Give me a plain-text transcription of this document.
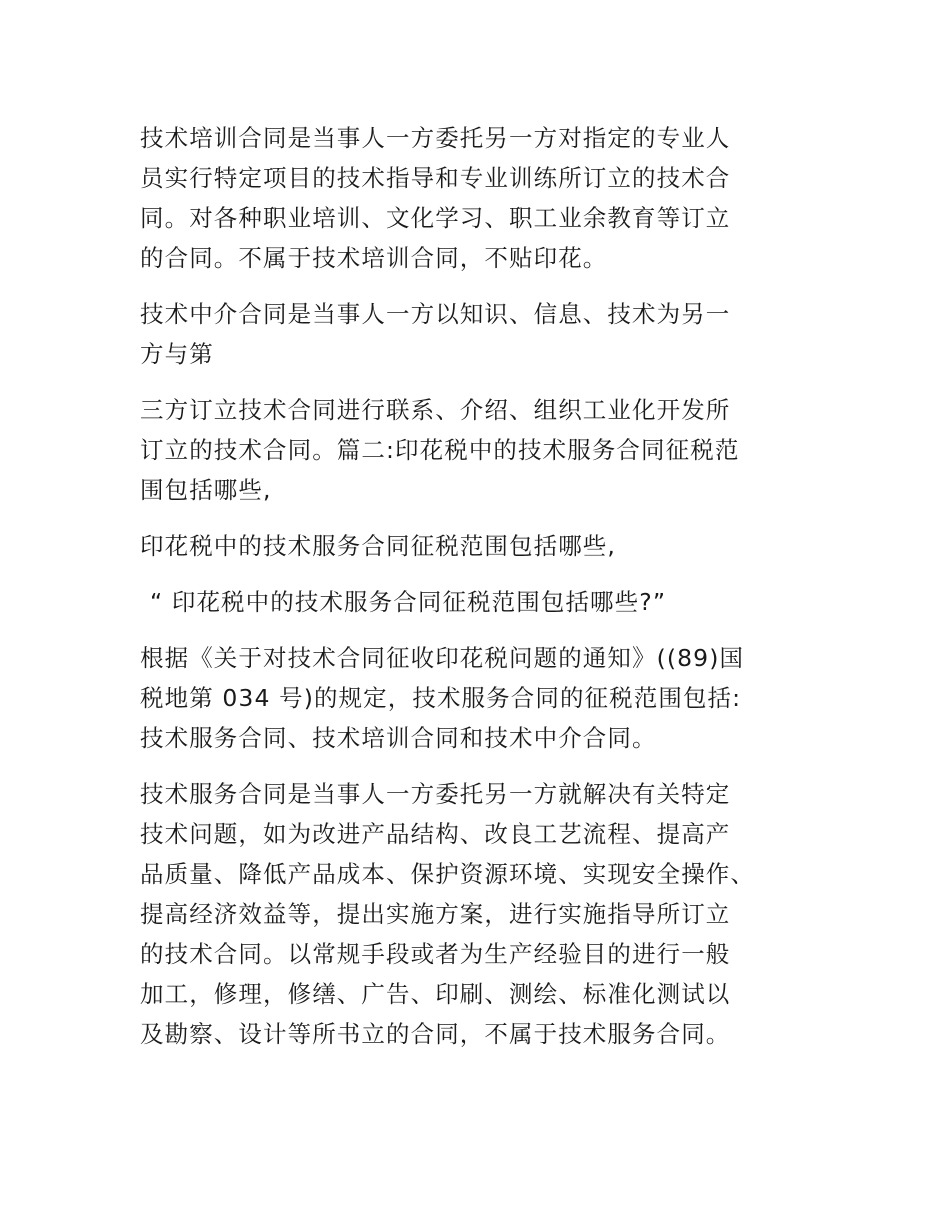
技术培训合同是当事人一方委托另一方对指定的专业人
员实行特定项目的技术指导和专业训练所订立的技术合
同。对各种职业培训、文化学习、职工业余教育等订立
的合同。不属于技术培训合同，不贴印花。

技术中介合同是当事人一方以知识、信息、技术为另一
方与第

三方订立技术合同进行联系、介绍、组织工业化开发所
订立的技术合同。篇二:印花税中的技术服务合同征税范
围包括哪些,

印花税中的技术服务合同征税范围包括哪些,

“ 印花税中的技术服务合同征税范围包括哪些?”

根据《关于对技术合同征收印花税问题的通知》((89)国
税地第 034 号)的规定，技术服务合同的征税范围包括:
技术服务合同、技术培训合同和技术中介合同。

技术服务合同是当事人一方委托另一方就解决有关特定
技术问题，如为改进产品结构、改良工艺流程、提高产
品质量、降低产品成本、保护资源环境、实现安全操作、
提高经济效益等，提出实施方案，进行实施指导所订立
的技术合同。以常规手段或者为生产经验目的进行一般
加工，修理，修缮、广告、印刷、测绘、标准化测试以
及勘察、设计等所书立的合同，不属于技术服务合同。
